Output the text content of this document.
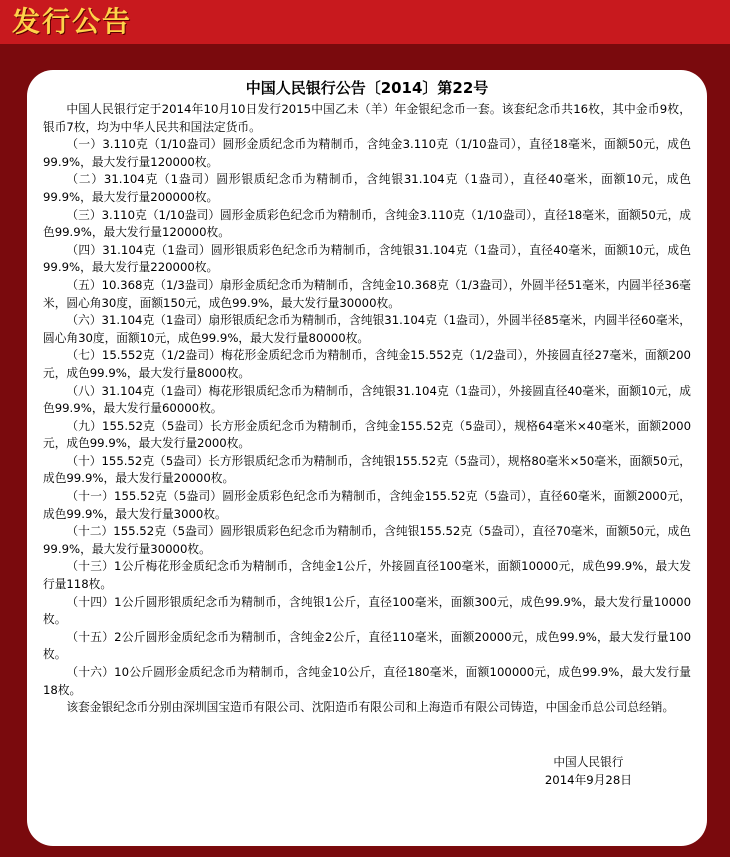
发行公告
中国人民银行公告〔2014〕第22号

中国人民银行定于2014年10月10日发行2015中国乙未（羊）年金银纪念币一套。该套纪念币共16枚，其中金币9枚，银币7枚，均为中华人民共和国法定货币。

（一）3.110克（1/10盎司）圆形金质纪念币为精制币，含纯金3.110克（1/10盎司），直径18毫米，面额50元，成色99.9%，最大发行量120000枚。

（二）31.104克（1盎司）圆形银质纪念币为精制币，含纯银31.104克（1盎司），直径40毫米，面额10元，成色99.9%，最大发行量200000枚。

（三）3.110克（1/10盎司）圆形金质彩色纪念币为精制币，含纯金3.110克（1/10盎司），直径18毫米，面额50元，成色99.9%，最大发行量120000枚。

（四）31.104克（1盎司）圆形银质彩色纪念币为精制币，含纯银31.104克（1盎司），直径40毫米，面额10元，成色99.9%，最大发行量220000枚。

（五）10.368克（1/3盎司）扇形金质纪念币为精制币，含纯金10.368克（1/3盎司），外圆半径51毫米，内圆半径36毫米，圆心角30度，面额150元，成色99.9%，最大发行量30000枚。

（六）31.104克（1盎司）扇形银质纪念币为精制币，含纯银31.104克（1盎司），外圆半径85毫米，内圆半径60毫米，圆心角30度，面额10元，成色99.9%，最大发行量80000枚。

（七）15.552克（1/2盎司）梅花形金质纪念币为精制币，含纯金15.552克（1/2盎司），外接圆直径27毫米，面额200元，成色99.9%，最大发行量8000枚。

（八）31.104克（1盎司）梅花形银质纪念币为精制币，含纯银31.104克（1盎司），外接圆直径40毫米，面额10元，成色99.9%，最大发行量60000枚。

（九）155.52克（5盎司）长方形金质纪念币为精制币，含纯金155.52克（5盎司），规格64毫米×40毫米，面额2000元，成色99.9%，最大发行量2000枚。

（十）155.52克（5盎司）长方形银质纪念币为精制币，含纯银155.52克（5盎司），规格80毫米×50毫米，面额50元，成色99.9%，最大发行量20000枚。

（十一）155.52克（5盎司）圆形金质彩色纪念币为精制币，含纯金155.52克（5盎司），直径60毫米，面额2000元，成色99.9%，最大发行量3000枚。

（十二）155.52克（5盎司）圆形银质彩色纪念币为精制币，含纯银155.52克（5盎司），直径70毫米，面额50元，成色99.9%，最大发行量30000枚。

（十三）1公斤梅花形金质纪念币为精制币，含纯金1公斤，外接圆直径100毫米，面额10000元，成色99.9%，最大发行量118枚。

（十四）1公斤圆形银质纪念币为精制币，含纯银1公斤，直径100毫米，面额300元，成色99.9%，最大发行量10000枚。

（十五）2公斤圆形金质纪念币为精制币，含纯金2公斤，直径110毫米，面额20000元，成色99.9%，最大发行量100枚。

（十六）10公斤圆形金质纪念币为精制币，含纯金10公斤，直径180毫米，面额100000元，成色99.9%，最大发行量18枚。

该套金银纪念币分别由深圳国宝造币有限公司、沈阳造币有限公司和上海造币有限公司铸造，中国金币总公司总经销。

中国人民银行
2014年9月28日
